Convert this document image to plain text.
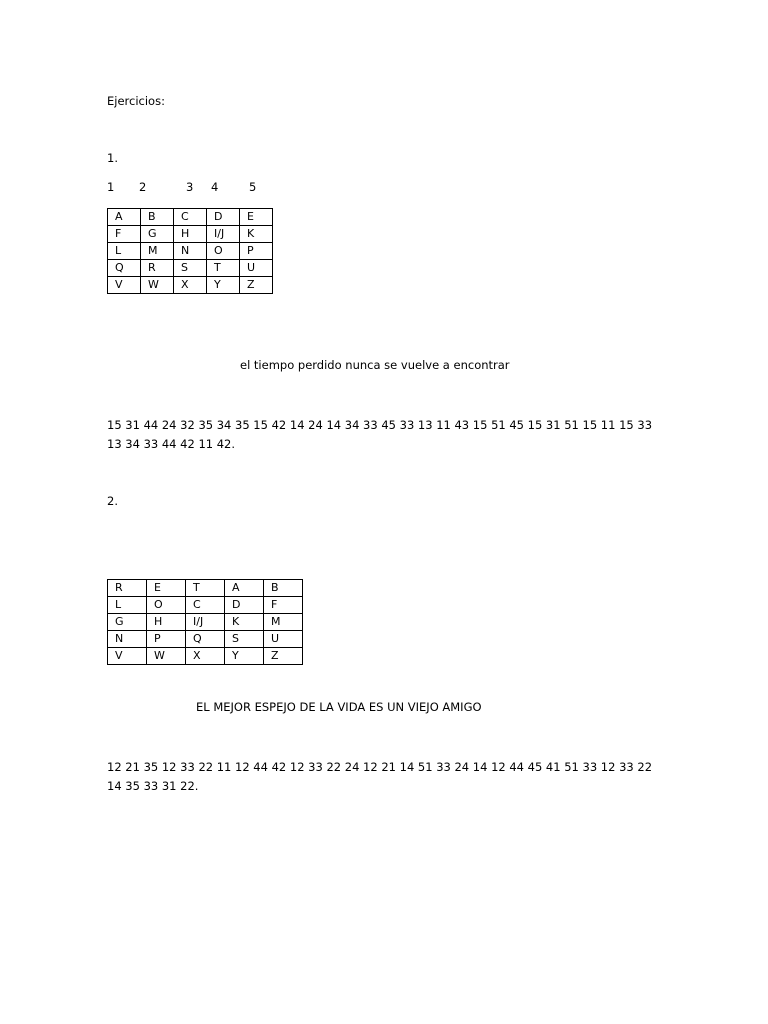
Ejercicios:
1.
1 2	3 4	5
A	B	C	D	E
F	G	H	I/J	K
L	M	N	O	P
Q	R	S	T	U
V	W	X	Y	Z
el tiempo perdido nunca se vuelve a encontrar
15 31 44 24 32 35 34 35 15 42 14 24 14 34 33 45 33 13 11 43 15 51 45 15 31 51 15 11 15 33 13 34 33 44 42 11 42.
2.
R	E	T	A	B
L	O	C	D	F
G	H	I/J	K	M
N	P	Q	S	U
V	W	X	Y	Z
EL MEJOR ESPEJO DE LA VIDA ES UN VIEJO AMIGO
12 21 35 12 33 22 11 12 44 42 12 33 22 24 12 21 14 51 33 24 14 12 44 45 41 51 33 12 33 22 14 35 33 31 22.
